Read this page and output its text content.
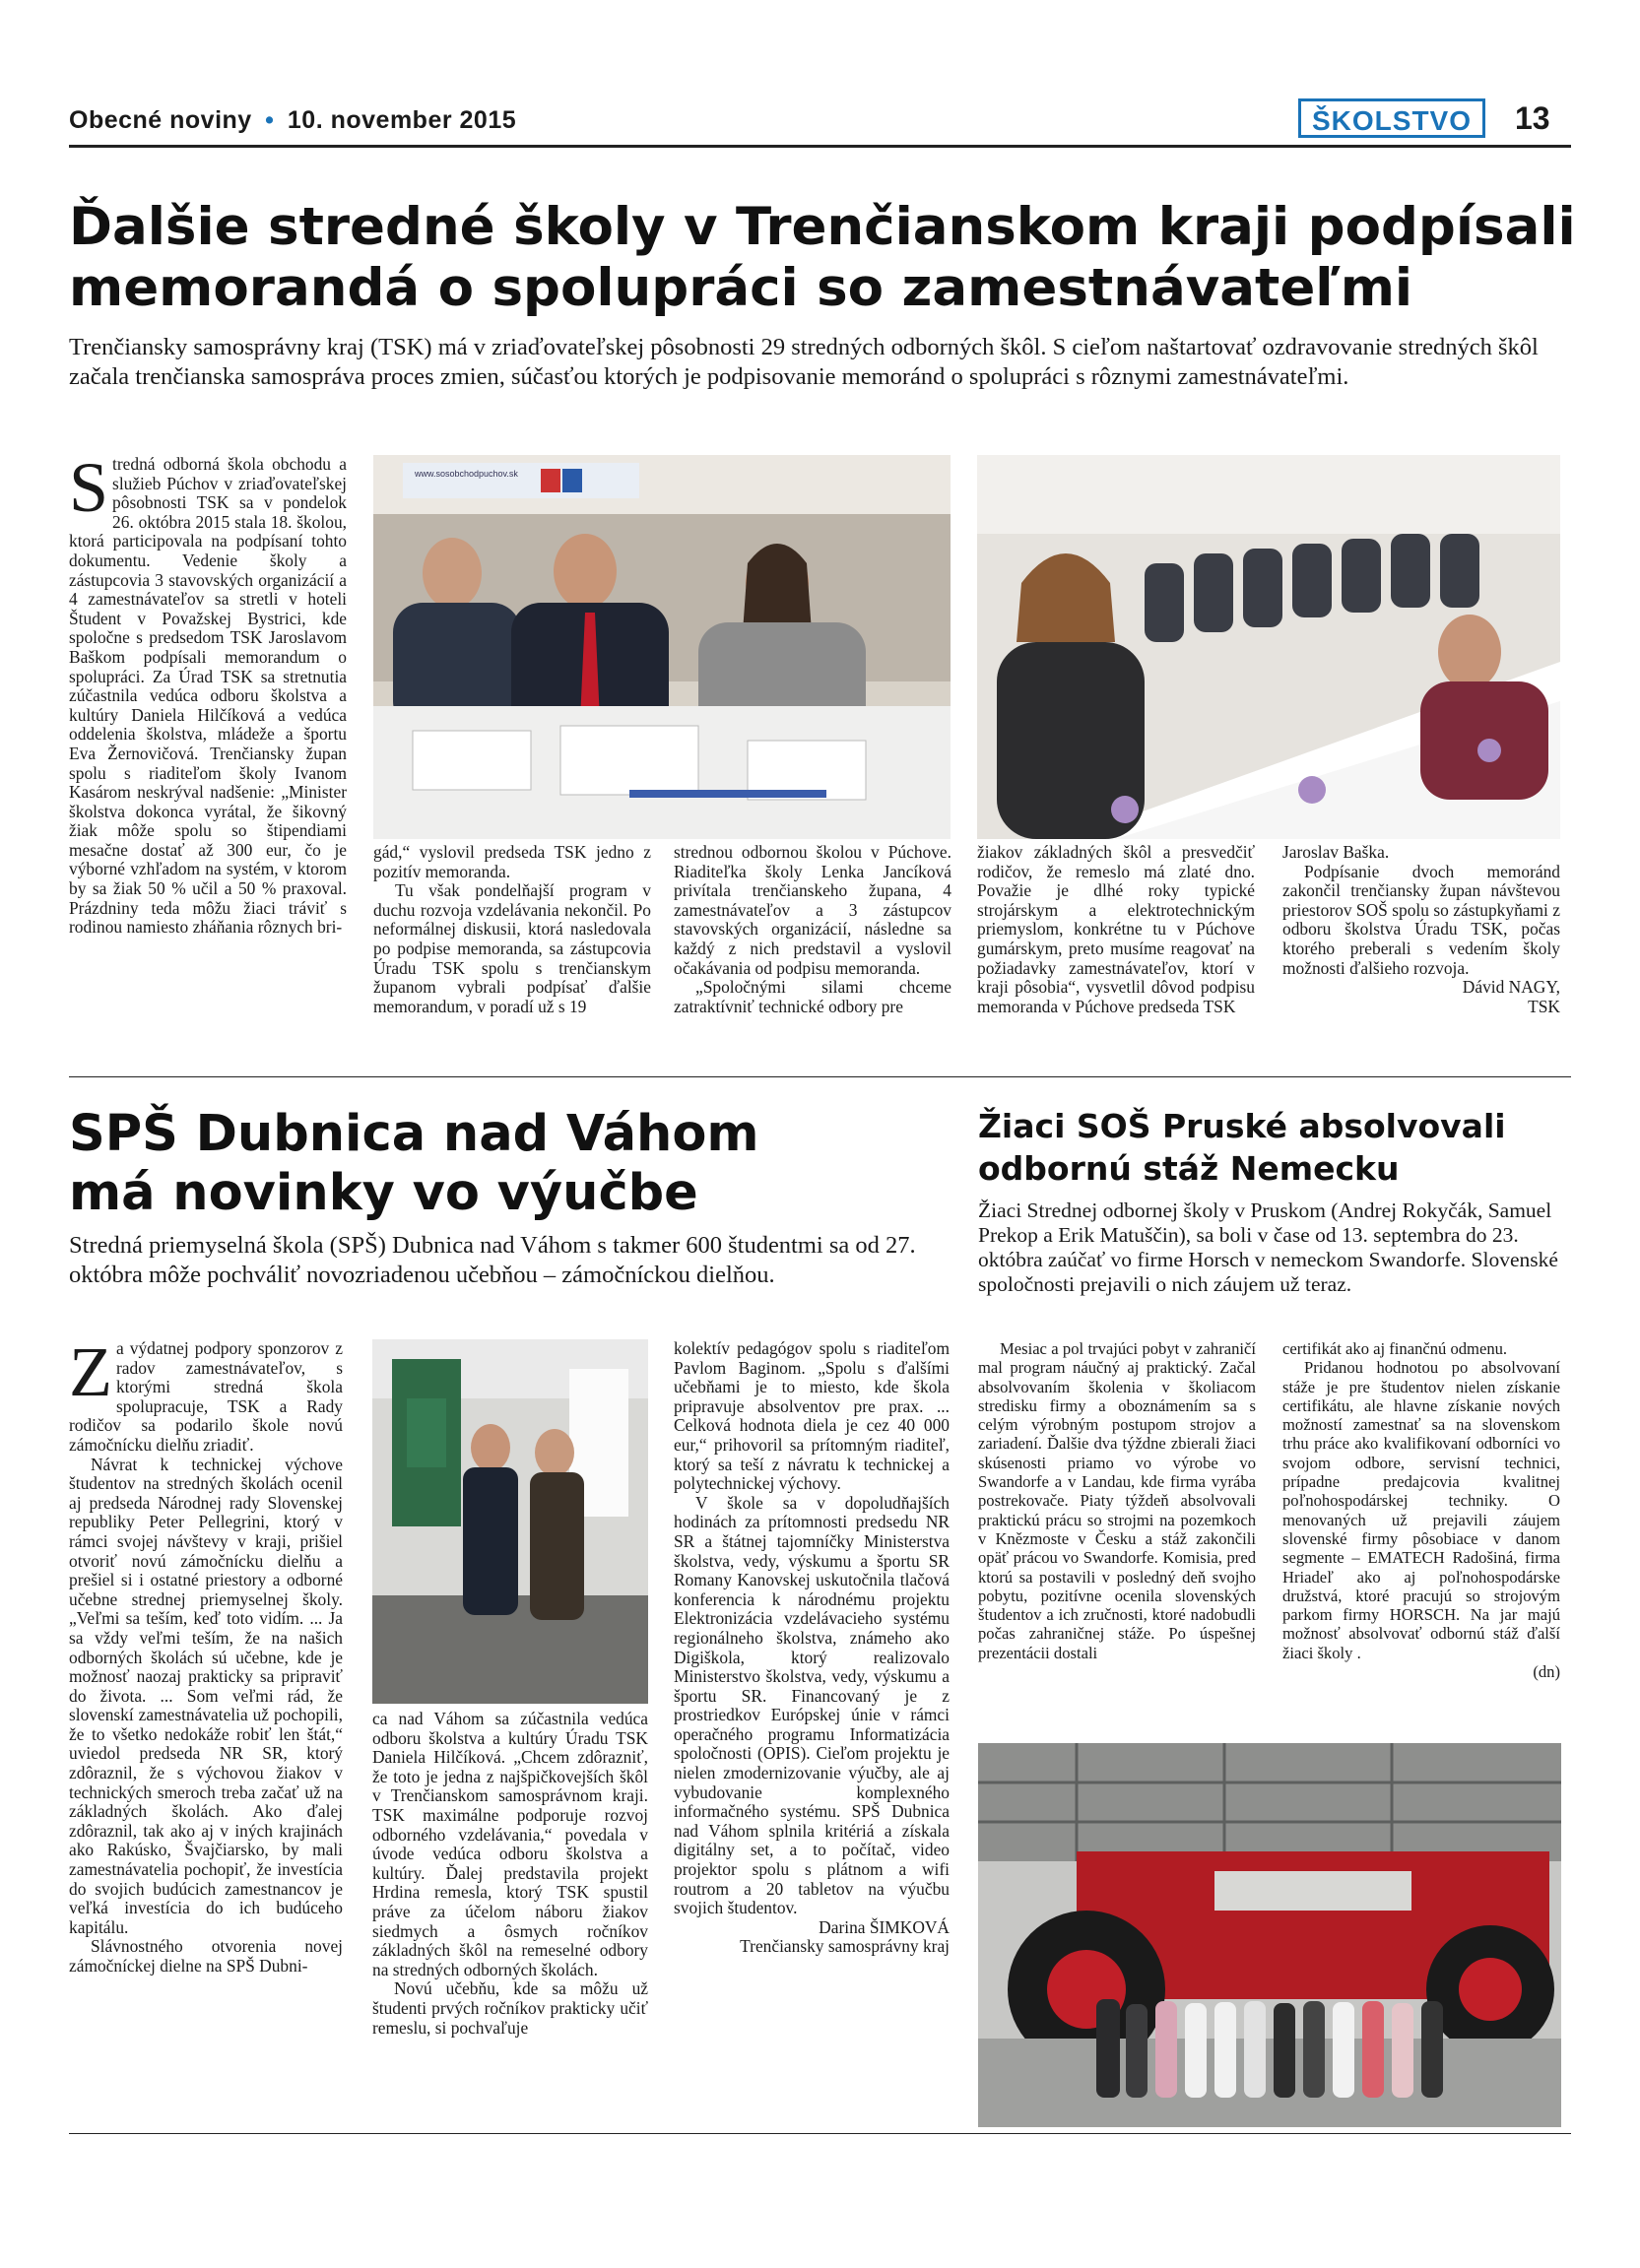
Obecné noviny • 10. november 2015	ŠKOLSTVO	13
Ďalšie stredné školy v Trenčianskom kraji podpísali
memorandá o spolupráci so zamestnávateľmi
Trenčiansky samosprávny kraj (TSK) má v zriaďovateľskej pôsobnosti 29 stredných odborných škôl. S cieľom naštartovať ozdravovanie stredných škôl začala trenčianska samospráva proces zmien, súčasťou ktorých je podpisovanie memoránd o spolupráci s rôznymi zamestnávateľmi.
Stredná odborná škola obchodu a služieb Púchov v zriaďovateľskej pôsobnosti TSK sa v pondelok 26. októbra 2015 stala 18. školou, ktorá participovala na podpísaní tohto dokumentu. Vedenie školy a zástupcovia 3 stavovských organizácií a 4 zamestnávateľov sa stretli v hoteli Študent v Považskej Bystrici, kde spoločne s predsedom TSK Jaroslavom Baškom podpísali memorandum o spolupráci. Za Úrad TSK sa stretnutia zúčastnila vedúca odboru školstva a kultúry Daniela Hilčíková a vedúca oddelenia školstva, mládeže a športu Eva Žernovičová. Trenčiansky župan spolu s riaditeľom školy Ivanom Kasárom neskrýval nadšenie: „Minister školstva dokonca vyrátal, že šikovný žiak môže spolu so štipendiami mesačne dostať až 300 eur, čo je výborné vzhľadom na systém, v ktorom by sa žiak 50 % učil a 50 % praxoval. Prázdniny teda môžu žiaci tráviť s rodinou namiesto zháňania rôznych bri-
www.sosobchodpuchov.sk

gád,“ vyslovil predseda TSK jedno z pozitív memoranda.

Tu však pondelňajší program v duchu rozvoja vzdelávania nekončil. Po neformálnej diskusii, ktorá nasledovala po podpise memoranda, sa zástupcovia Úradu TSK spolu s trenčianskym županom vybrali podpísať ďalšie memorandum, v poradí už s 19

strednou odbornou školou v Púchove. Riaditeľka školy Lenka Jancíková privítala trenčianskeho župana, 4 zamestnávateľov a 3 zástupcov stavovských organizácií, následne sa každý z nich predstavil a vyslovil očakávania od podpisu memoranda.

„Spoločnými silami chceme zatraktívniť technické odbory pre

žiakov základných škôl a presvedčiť rodičov, že remeslo má zlaté dno. Považie je dlhé roky typické strojárskym a elektrotechnickým priemyslom, konkrétne tu v Púchove gumárskym, preto musíme reagovať na požiadavky zamestnávateľov, ktorí v kraji pôsobia“, vysvetlil dôvod podpisu memoranda v Púchove predseda TSK

Jaroslav Baška.

Podpísanie dvoch memoránd zakončil trenčiansky župan návštevou priestorov SOŠ spolu so zástupkyňami z odboru školstva Úradu TSK, počas ktorého preberali s vedením školy možnosti ďalšieho rozvoja.

Dávid NAGY,

TSK

SPŠ Dubnica nad Váhom
má novinky vo výučbe
Stredná priemyselná škola (SPŠ) Dubnica nad Váhom s takmer 600 študentmi sa od 27. októbra môže pochváliť novozriadenou učebňou – zámočníckou dielňou.
Za výdatnej podpory sponzorov z radov zamestnávateľov, s ktorými stredná škola spolupracuje, TSK a Rady rodičov sa podarilo škole novú zámočnícku dielňu zriadiť.

Návrat k technickej výchove študentov na stredných školách ocenil aj predseda Národnej rady Slovenskej republiky Peter Pellegrini, ktorý v rámci svojej návštevy v kraji, prišiel otvoriť novú zámočnícku dielňu a prešiel si i ostatné priestory a odborné učebne strednej priemyselnej školy. „Veľmi sa teším, keď toto vidím. ... Ja sa vždy veľmi teším, že na našich odborných školách sú učebne, kde je možnosť naozaj prakticky sa pripraviť do života. ... Som veľmi rád, že slovenskí zamestnávatelia už pochopili, že to všetko nedokáže robiť len štát,“ uviedol predseda NR SR, ktorý zdôraznil, že s výchovou žiakov v technických smeroch treba začať už na základných školách. Ako ďalej zdôraznil, tak ako aj v iných krajinách ako Rakúsko, Švajčiarsko, by mali zamestnávatelia pochopiť, že investícia do svojich budúcich zamestnancov je veľká investícia do ich budúceho kapitálu.

Slávnostného otvorenia novej zámočníckej dielne na SPŠ Dubni-

ca nad Váhom sa zúčastnila vedúca odboru školstva a kultúry Úradu TSK Daniela Hilčíková. „Chcem zdôrazniť, že toto je jedna z najšpičkovejších škôl v Trenčianskom samosprávnom kraji. TSK maximálne podporuje rozvoj odborného vzdelávania,“ povedala v úvode vedúca odboru školstva a kultúry. Ďalej predstavila projekt Hrdina remesla, ktorý TSK spustil práve za účelom náboru žiakov siedmych a ôsmych ročníkov základných škôl na remeselné odbory na stredných odborných školách.

Novú učebňu, kde sa môžu už študenti prvých ročníkov prakticky učiť remeslu, si pochvaľuje

kolektív pedagógov spolu s riaditeľom Pavlom Baginom. „Spolu s ďalšími učebňami je to miesto, kde škola pripravuje absolventov pre prax. ... Celková hodnota diela je cez 40 000 eur,“ prihovoril sa prítomným riaditeľ, ktorý sa teší z návratu k technickej a polytechnickej výchovy.

V škole sa v dopoludňajších hodinách za prítomnosti predsedu NR SR a štátnej tajomníčky Ministerstva školstva, vedy, výskumu a športu SR Romany Kanovskej uskutočnila tlačová konferencia k národnému projektu Elektronizácia vzdelávacieho systému regionálneho školstva, známeho ako Digiškola, ktorý realizovalo Ministerstvo školstva, vedy, výskumu a športu SR. Financovaný je z prostriedkov Európskej únie v rámci operačného programu Informatizácia spoločnosti (OPIS). Cieľom projektu je nielen zmodernizovanie výučby, ale aj vybudovanie komplexného informačného systému. SPŠ Dubnica nad Váhom splnila kritériá a získala digitálny set, a to počítač, video projektor spolu s plátnom a wifi routrom a 20 tabletov na výučbu svojich študentov.

Darina ŠIMKOVÁ

Trenčiansky samosprávny kraj

Žiaci SOŠ Pruské absolvovali
odbornú stáž Nemecku
Žiaci Strednej odbornej školy v Pruskom (Andrej Rokyčák, Samuel Prekop a Erik Matuščin), sa boli v čase od 13. septembra do 23. októbra zaúčať vo firme Horsch v nemeckom Swandorfe. Slovenské spoločnosti prejavili o nich záujem už teraz.

Mesiac a pol trvajúci pobyt v zahraničí mal program náučný aj praktický. Začal absolvovaním školenia v školiacom stredisku firmy a oboznámením sa s celým výrobným postupom strojov a zariadení. Ďalšie dva týždne zbierali žiaci skúsenosti priamo vo výrobe vo Swandorfe a v Landau, kde firma vyrába postrekovače. Piaty týždeň absolvovali praktickú prácu so strojmi na pozemkoch v Knězmoste v Česku a stáž zakončili opäť prácou vo Swandorfe. Komisia, pred ktorú sa postavili v posledný deň svojho pobytu, pozitívne ocenila slovenských študentov a ich zručnosti, ktoré nadobudli počas zahraničnej stáže. Po úspešnej prezentácii dostali

certifikát ako aj finančnú odmenu.

Pridanou hodnotou po absolvovaní stáže je pre študentov nielen získanie certifikátu, ale hlavne získanie nových možností zamestnať sa na slovenskom trhu práce ako kvalifikovaní odborníci vo svojom odbore, servisní technici, prípadne predajcovia kvalitnej poľnohospodárskej techniky. O menovaných už prejavili záujem slovenské firmy pôsobiace v danom segmente – EMATECH Radošiná, firma Hriadeľ ako aj poľnohospodárske družstvá, ktoré pracujú so strojovým parkom firmy HORSCH. Na jar majú možnosť absolvovať odbornú stáž ďalší žiaci školy .

(dn)
